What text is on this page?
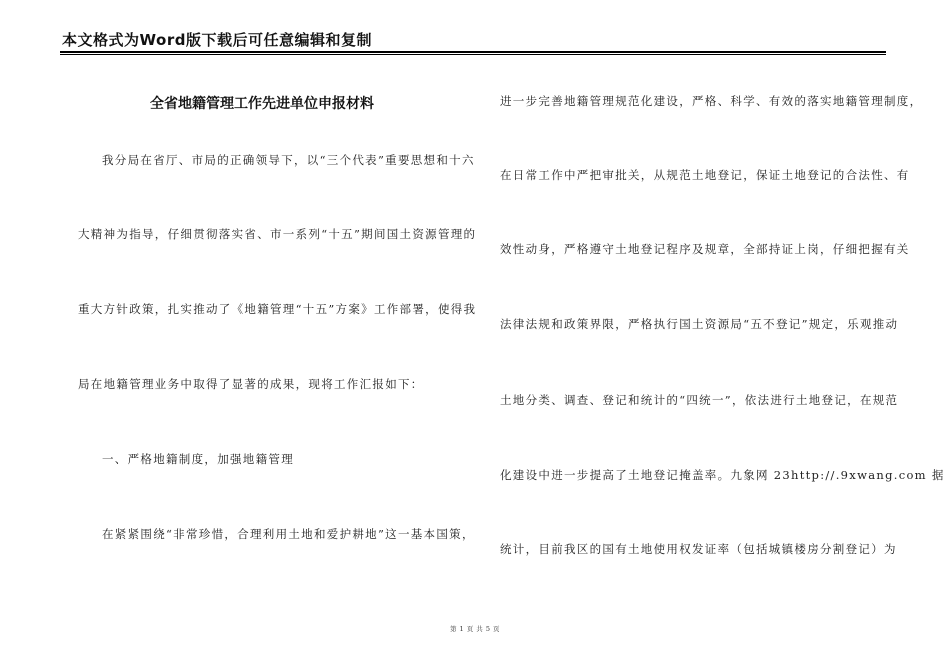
本文格式为Word版下载后可任意编辑和复制
全省地籍管理工作先进单位申报材料
我分局在省厅、市局的正确领导下，以“三个代表”重要思想和十六
大精神为指导，仔细贯彻落实省、市一系列“十五”期间国土资源管理的
重大方针政策，扎实推动了《地籍管理“十五”方案》工作部署，使得我
局在地籍管理业务中取得了显著的成果，现将工作汇报如下：
一、严格地籍制度，加强地籍管理
在紧紧围绕“非常珍惜，合理利用土地和爱护耕地”这一基本国策，
进一步完善地籍管理规范化建设，严格、科学、有效的落实地籍管理制度，
在日常工作中严把审批关，从规范土地登记，保证土地登记的合法性、有
效性动身，严格遵守土地登记程序及规章，全部持证上岗，仔细把握有关
法律法规和政策界限，严格执行国土资源局“五不登记”规定，乐观推动
土地分类、调查、登记和统计的“四统一”，依法进行土地登记，在规范
化建设中进一步提高了土地登记掩盖率。九象网 23http://.9xwang.com 据
统计，目前我区的国有土地使用权发证率（包括城镇楼房分割登记）为
第 1 页 共 5 页
